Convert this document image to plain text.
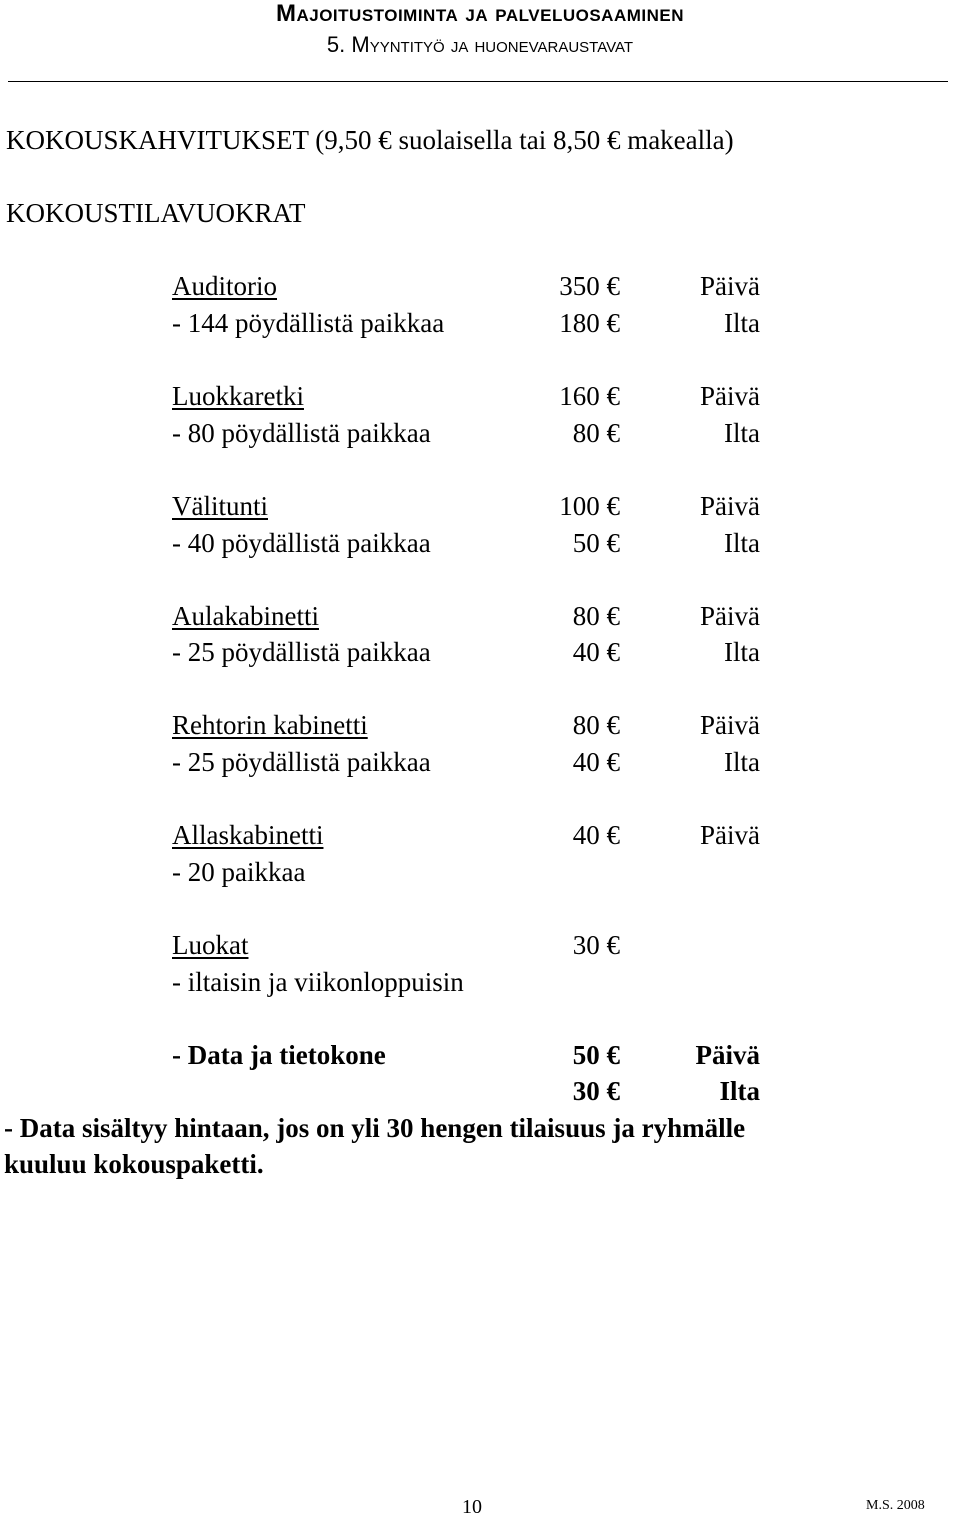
Majoitustoiminta ja palveluosaaminen
5. Myyntityö ja huonevaraustavat
KOKOUSKAHVITUKSET (9,50 € suolaisella tai 8,50 € makealla)
KOKOUSTILAVUOKRAT
Auditorio	350 €	Päivä
- 144 pöydällistä paikkaa	180 €	Ilta
Luokkaretki	160 €	Päivä
- 80 pöydällistä paikkaa	80 €	Ilta
Välitunti	100 €	Päivä
- 40 pöydällistä paikkaa	50 €	Ilta
Aulakabinetti	80 €	Päivä
- 25 pöydällistä paikkaa	40 €	Ilta
Rehtorin kabinetti	80 €	Päivä
- 25 pöydällistä paikkaa	40 €	Ilta
Allaskabinetti	40 €	Päivä
- 20 paikkaa
Luokat	30 €
- iltaisin ja viikonloppuisin
- Data ja tietokone	50 €	Päivä
30 €	Ilta
- Data sisältyy hintaan, jos on yli 30 hengen tilaisuus ja ryhmälle
kuuluu kokouspaketti.
10	M.S. 2008
